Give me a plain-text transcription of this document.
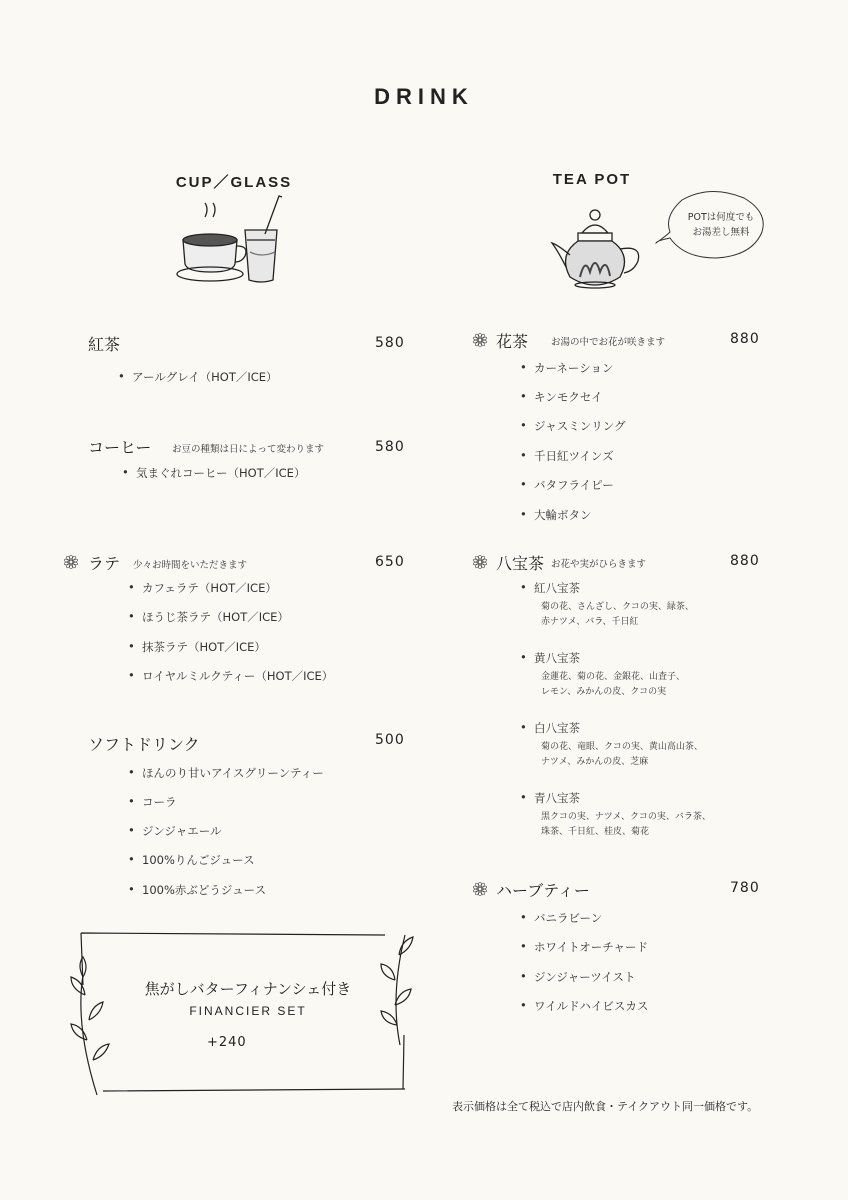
DRINK
CUP／GLASS	TEA POT
POTは何度でも
お湯差し無料
紅茶	580
• アールグレイ（HOT／ICE）
コーヒー お豆の種類は日によって変わります	580
• 気まぐれコーヒー（HOT／ICE）
ラテ 少々お時間をいただきます	650
• カフェラテ（HOT／ICE）
• ほうじ茶ラテ（HOT／ICE）
• 抹茶ラテ（HOT／ICE）
• ロイヤルミルクティー（HOT／ICE）
ソフトドリンク	500
• ほんのり甘いアイスグリーンティー
• コーラ
• ジンジャエール
• 100%りんごジュース
• 100%赤ぶどうジュース
花茶 お湯の中でお花が咲きます	880
• カーネーション
• キンモクセイ
• ジャスミンリング
• 千日紅ツインズ
• バタフライピー
• 大輪ボタン
八宝茶 お花や実がひらきます	880
• 紅八宝茶
菊の花、さんざし、クコの実、緑茶、
赤ナツメ、バラ、千日紅
• 黄八宝茶
金蓮花、菊の花、金銀花、山査子、
レモン、みかんの皮、クコの実
• 白八宝茶
菊の花、竜眼、クコの実、黄山高山茶、
ナツメ、みかんの皮、芝麻
• 青八宝茶
黒クコの実、ナツメ、クコの実、バラ茶、
珠茶、千日紅、桂皮、菊花
ハーブティー	780
• バニラビーン
• ホワイトオーチャード
• ジンジャーツイスト
• ワイルドハイビスカス
焦がしバターフィナンシェ付き
FINANCIER SET
+240
表示価格は全て税込で店内飲食・テイクアウト同一価格です。
